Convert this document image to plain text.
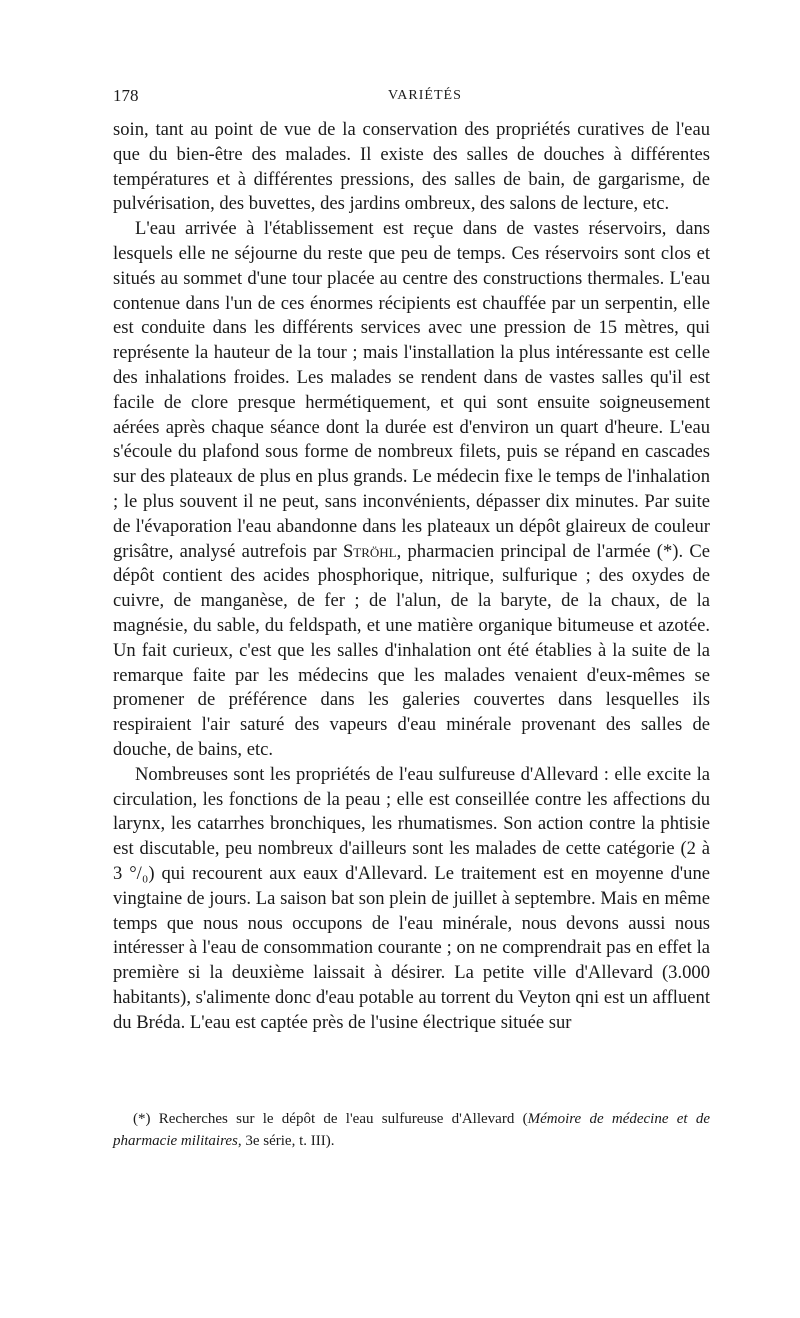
178	VARIÉTÉS

soin, tant au point de vue de la conservation des propriétés curatives de l'eau que du bien-être des malades. Il existe des salles de douches à différentes températures et à différentes pressions, des salles de bain, de gargarisme, de pulvérisation, des buvettes, des jardins ombreux, des salons de lecture, etc.

L'eau arrivée à l'établissement est reçue dans de vastes réservoirs, dans lesquels elle ne séjourne du reste que peu de temps. Ces réservoirs sont clos et situés au sommet d'une tour placée au centre des constructions thermales. L'eau contenue dans l'un de ces énormes récipients est chauffée par un serpentin, elle est conduite dans les différents services avec une pression de 15 mètres, qui représente la hauteur de la tour ; mais l'installation la plus intéressante est celle des inhalations froides. Les malades se rendent dans de vastes salles qu'il est facile de clore presque hermétiquement, et qui sont ensuite soigneusement aérées après chaque séance dont la durée est d'environ un quart d'heure. L'eau s'écoule du plafond sous forme de nombreux filets, puis se répand en cascades sur des plateaux de plus en plus grands. Le médecin fixe le temps de l'inhalation ; le plus souvent il ne peut, sans inconvénients, dépasser dix minutes. Par suite de l'évaporation l'eau abandonne dans les plateaux un dépôt glaireux de couleur grisâtre, analysé autrefois par Ströhl, pharmacien principal de l'armée (*). Ce dépôt contient des acides phosphorique, nitrique, sulfurique ; des oxydes de cuivre, de manganèse, de fer ; de l'alun, de la baryte, de la chaux, de la magnésie, du sable, du feldspath, et une matière organique bitumeuse et azotée. Un fait curieux, c'est que les salles d'inhalation ont été établies à la suite de la remarque faite par les médecins que les malades venaient d'eux-mêmes se promener de préférence dans les galeries couvertes dans lesquelles ils respiraient l'air saturé des vapeurs d'eau minérale provenant des salles de douche, de bains, etc.

Nombreuses sont les propriétés de l'eau sulfureuse d'Allevard : elle excite la circulation, les fonctions de la peau ; elle est conseillée contre les affections du larynx, les catarrhes bronchiques, les rhumatismes. Son action contre la phtisie est discutable, peu nombreux d'ailleurs sont les malades de cette catégorie (2 à 3 °/₀) qui recourent aux eaux d'Allevard. Le traitement est en moyenne d'une vingtaine de jours. La saison bat son plein de juillet à septembre. Mais en même temps que nous nous occupons de l'eau minérale, nous devons aussi nous intéresser à l'eau de consommation courante ; on ne comprendrait pas en effet la première si la deuxième laissait à désirer. La petite ville d'Allevard (3.000 habitants), s'alimente donc d'eau potable au torrent du Veyton qni est un affluent du Bréda. L'eau est captée près de l'usine électrique située sur

(*) Recherches sur le dépôt de l'eau sulfureuse d'Allevard (Mémoire de médecine et de pharmacie militaires, 3e série, t. III).
